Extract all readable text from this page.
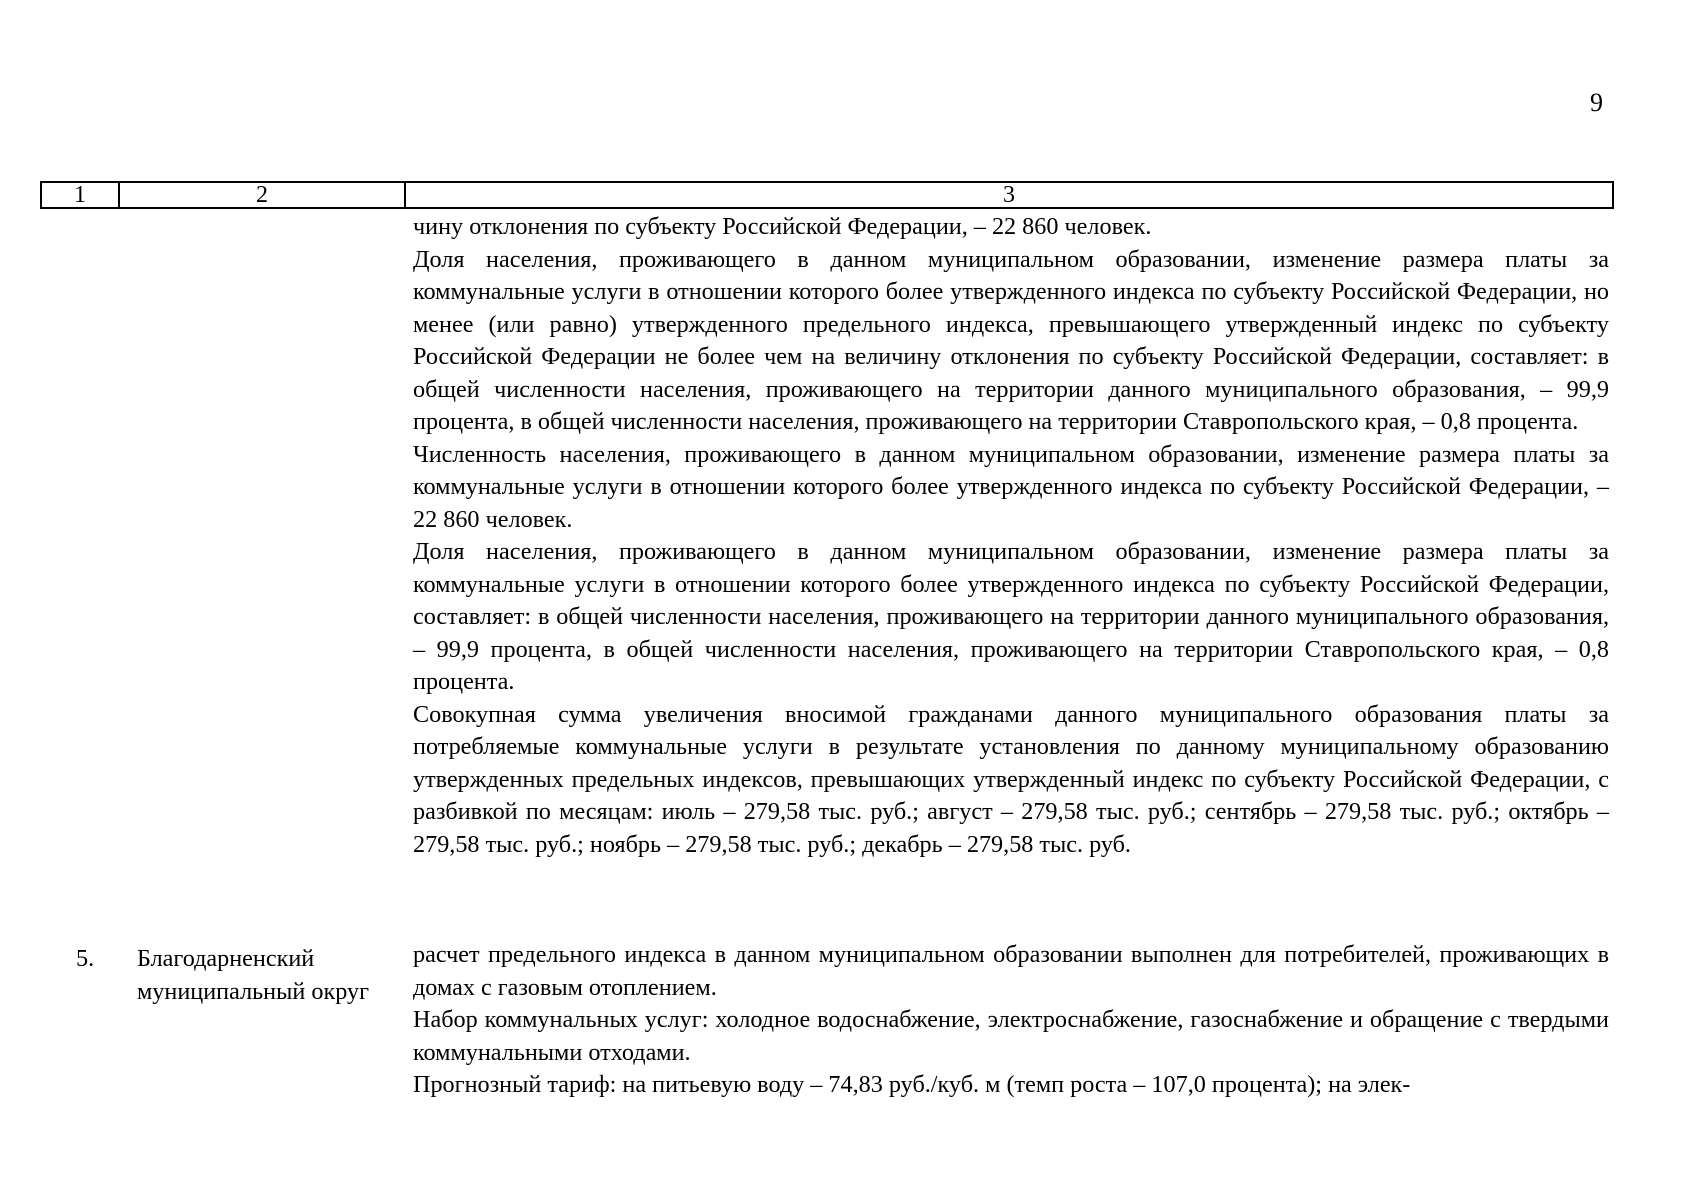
9
1	2	3

чину отклонения по субъекту Российской Федерации, – 22 860 человек.

Доля населения, проживающего в данном муниципальном образовании, изменение размера платы за коммунальные услуги в отношении которого более утвержденного индекса по субъекту Российской Федерации, но менее (или равно) утвержденного предельного индекса, превышающего утвержденный индекс по субъекту Российской Федерации не более чем на величину отклонения по субъекту Российской Федерации, составляет: в общей численности населения, проживающего на территории данного муниципального образования, – 99,9 процента, в общей численности населения, проживающего на территории Ставропольского края, – 0,8 процента.

Численность населения, проживающего в данном муниципальном образовании, изменение размера платы за коммунальные услуги в отношении которого более утвержденного индекса по субъекту Российской Федерации, – 22 860 человек.

Доля населения, проживающего в данном муниципальном образовании, изменение размера платы за коммунальные услуги в отношении которого более утвержденного индекса по субъекту Российской Федерации, составляет: в общей численности населения, проживающего на территории данного муниципального образования, – 99,9 процента, в общей численности населения, проживающего на территории Ставропольского края, – 0,8 процента.

Совокупная сумма увеличения вносимой гражданами данного муниципального образования платы за потребляемые коммунальные услуги в результате установления по данному муниципальному образованию утвержденных предельных индексов, превышающих утвержденный индекс по субъекту Российской Федерации, с разбивкой по месяцам: июль – 279,58 тыс. руб.; август – 279,58 тыс. руб.; сентябрь – 279,58 тыс. руб.; октябрь – 279,58 тыс. руб.; ноябрь – 279,58 тыс. руб.; декабрь – 279,58 тыс. руб.

5. Благодарненский муниципальный округ

расчет предельного индекса в данном муниципальном образовании выполнен для потребителей, проживающих в домах с газовым отоплением.

Набор коммунальных услуг: холодное водоснабжение, электроснабжение, газоснабжение и обращение с твердыми коммунальными отходами.

Прогнозный тариф: на питьевую воду – 74,83 руб./куб. м (темп роста – 107,0 процента); на элек-
